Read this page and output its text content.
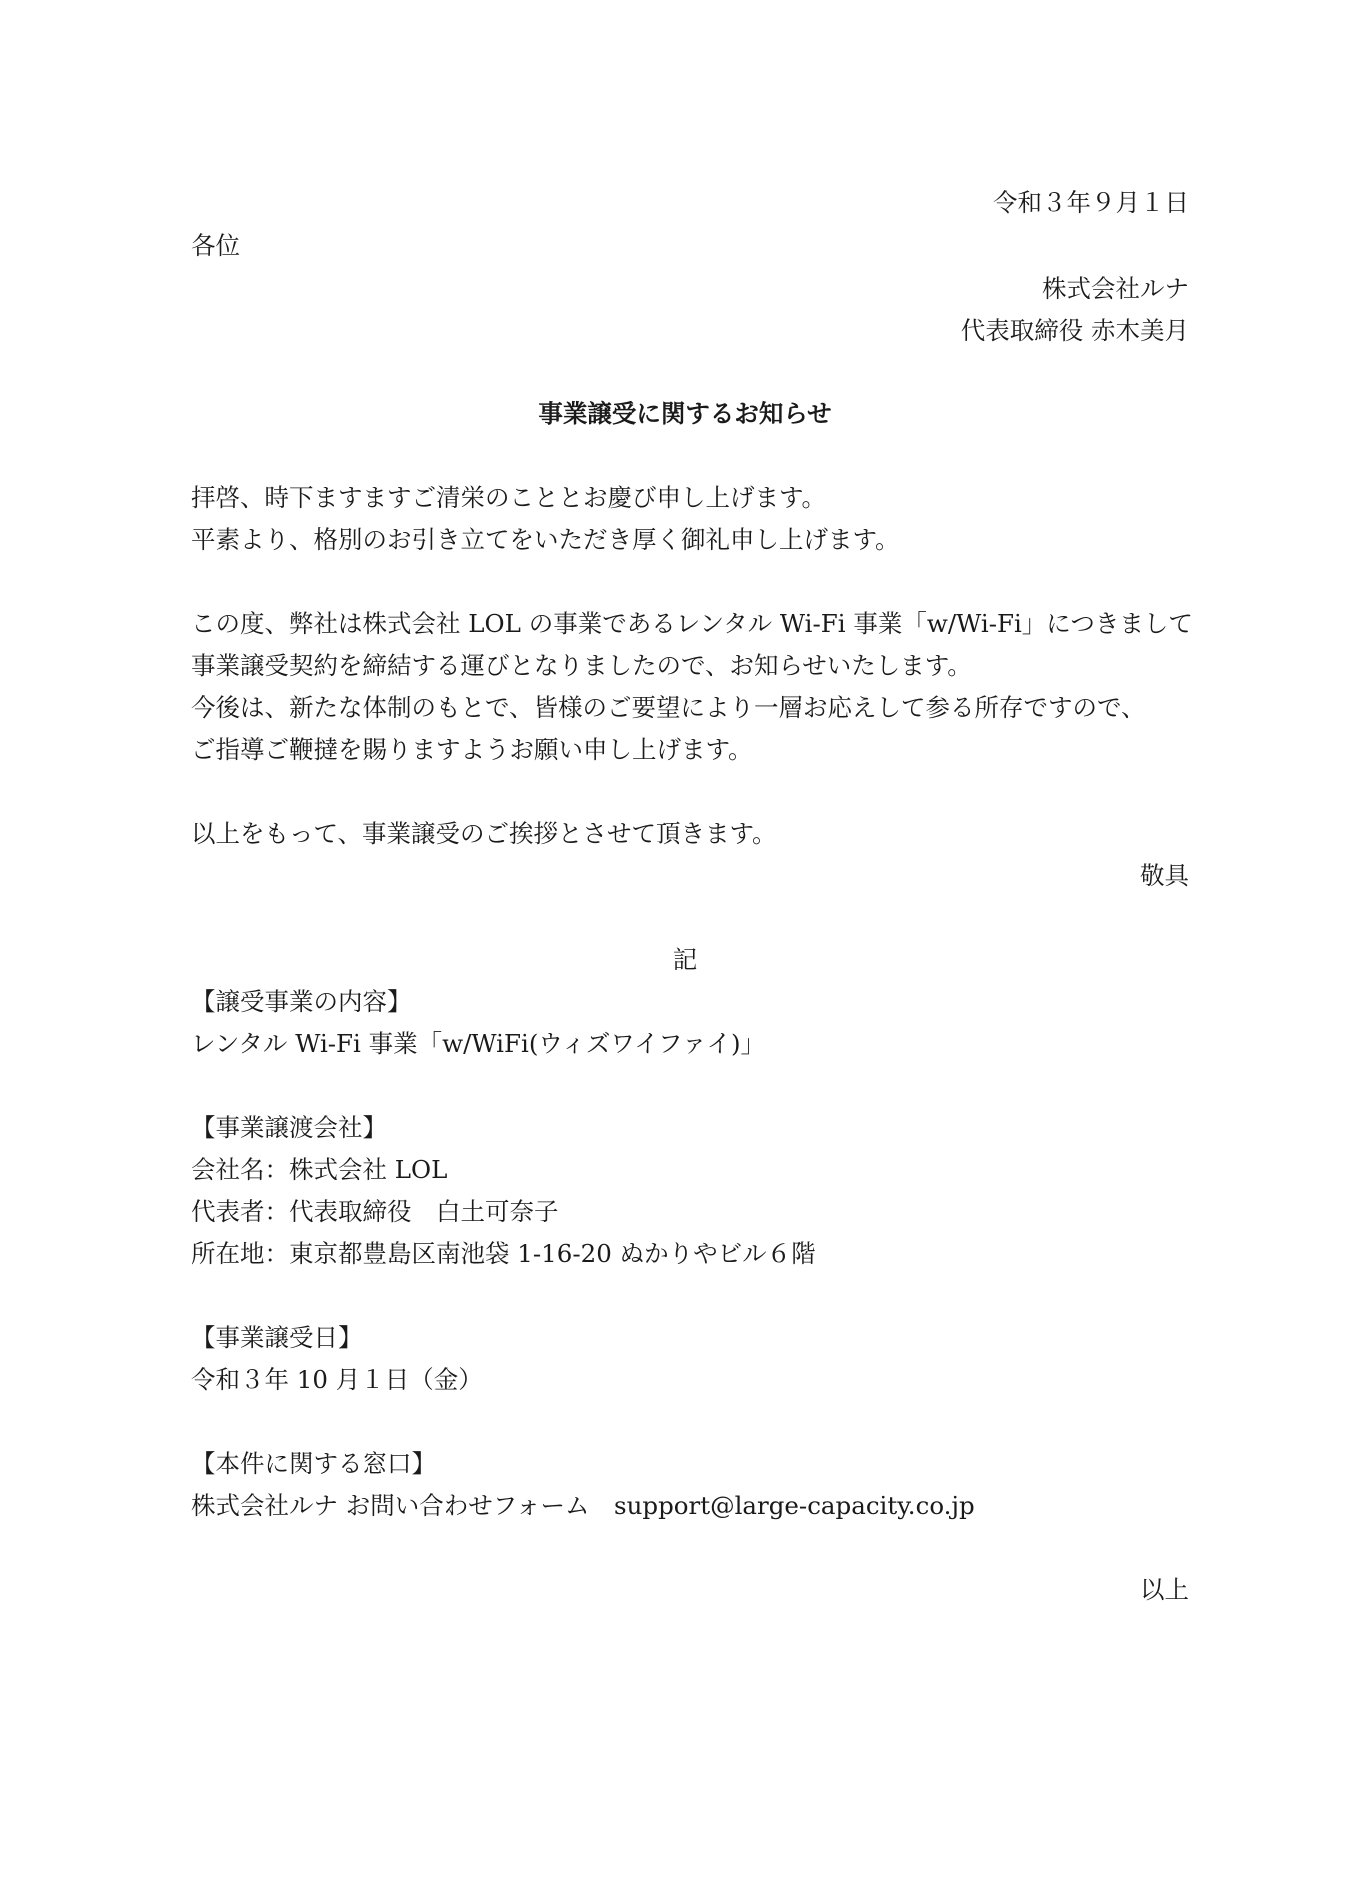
令和３年９月１日
各位
株式会社ルナ
代表取締役 赤木美月
事業譲受に関するお知らせ
拝啓、時下ますますご清栄のこととお慶び申し上げます。
平素より、格別のお引き立てをいただき厚く御礼申し上げます。
この度、弊社は株式会社 LOL の事業であるレンタル Wi-Fi 事業「w/Wi-Fi」につきまして
事業譲受契約を締結する運びとなりましたので、お知らせいたします。
今後は、新たな体制のもとで、皆様のご要望により一層お応えして参る所存ですので、
ご指導ご鞭撻を賜りますようお願い申し上げます。
以上をもって、事業譲受のご挨拶とさせて頂きます。
敬具
記
【譲受事業の内容】
レンタル Wi-Fi 事業「w/WiFi(ウィズワイファイ)」
【事業譲渡会社】
会社名：株式会社 LOL
代表者：代表取締役　白土可奈子
所在地：東京都豊島区南池袋 1-16-20 ぬかりやビル６階
【事業譲受日】
令和３年 10 月１日（金）
【本件に関する窓口】
株式会社ルナ お問い合わせフォーム　support@large-capacity.co.jp
以上
